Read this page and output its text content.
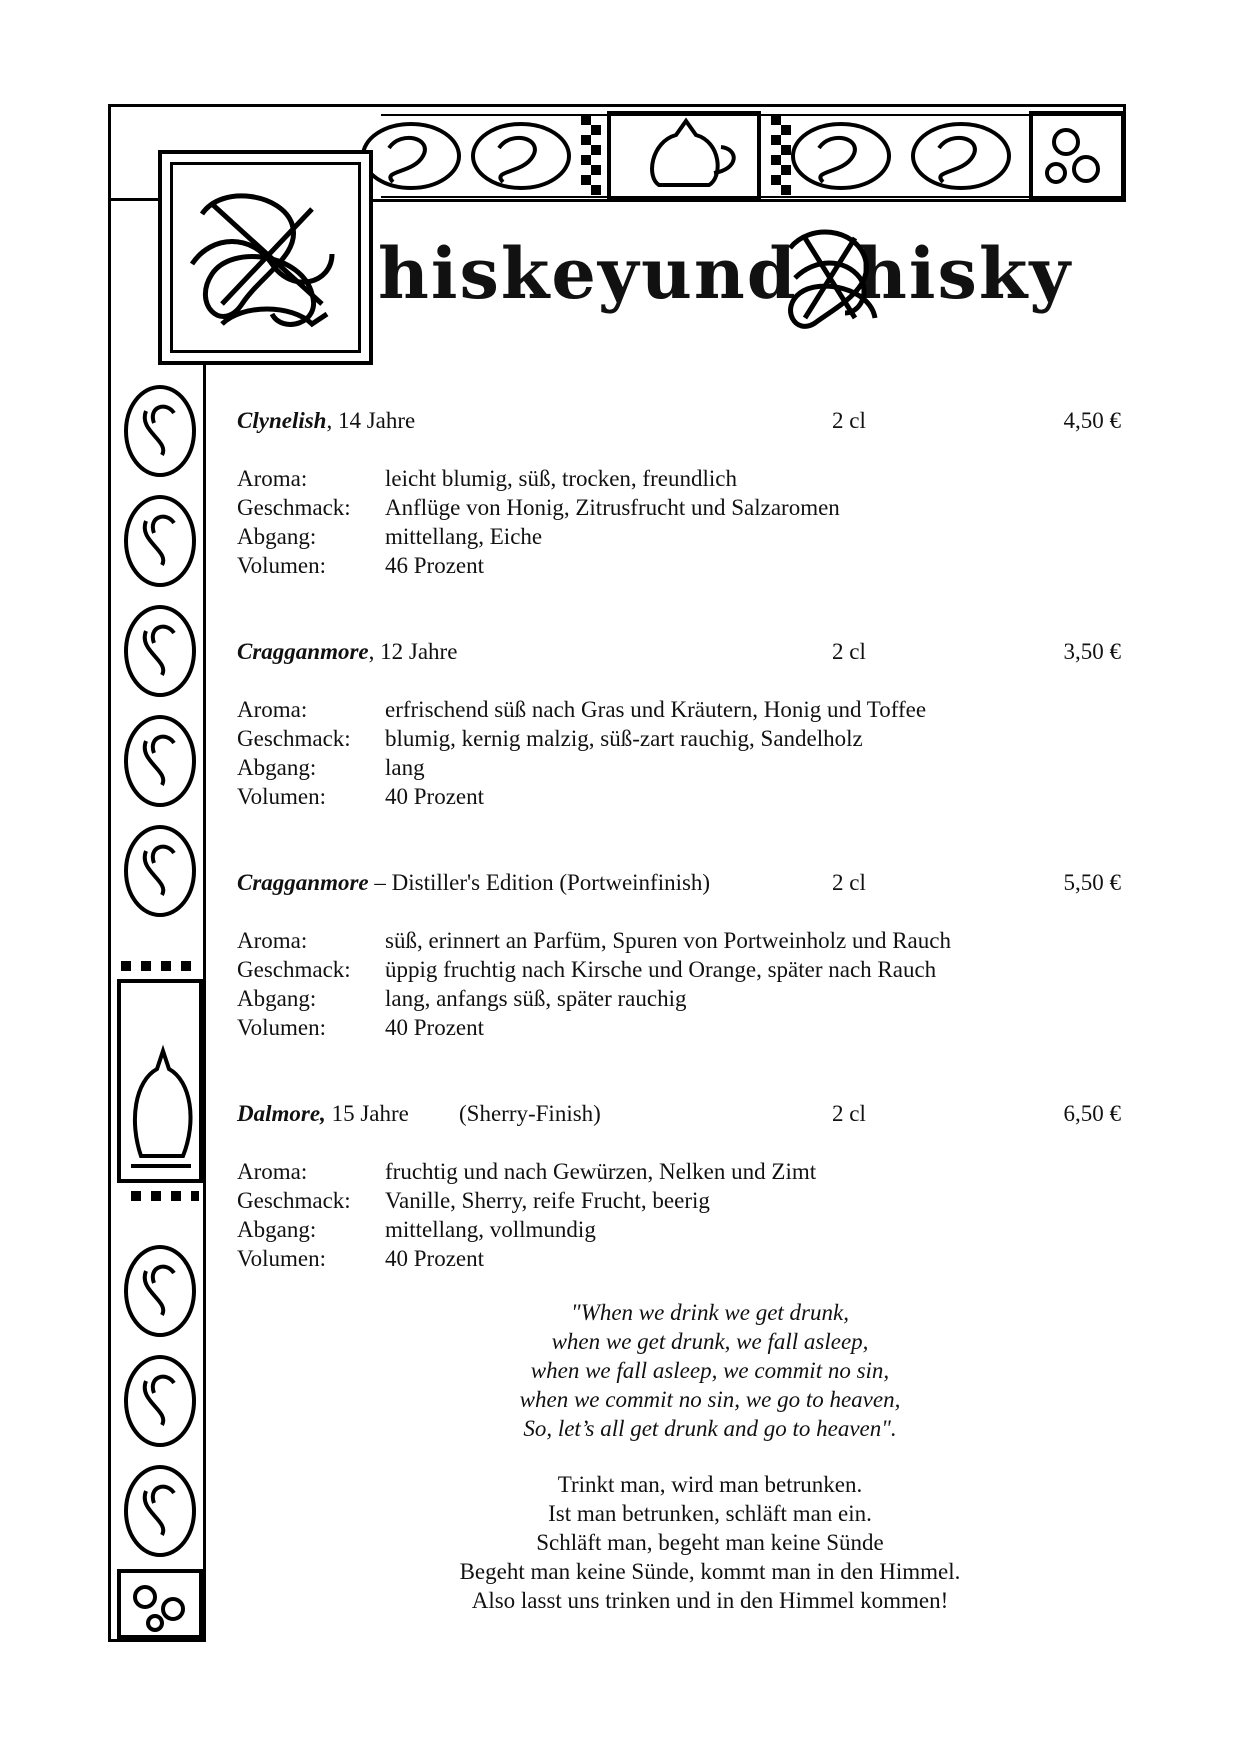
hiskey und hisky
Clynelish, 14 Jahre	2 cl	4,50 €
Aroma:	leicht blumig, süß, trocken, freundlich
Geschmack:	Anflüge von Honig, Zitrusfrucht und Salzaromen
Abgang:	mittellang, Eiche
Volumen:	46 Prozent
Cragganmore, 12 Jahre	2 cl	3,50 €
Aroma:	erfrischend süß nach Gras und Kräutern, Honig und Toffee
Geschmack:	blumig, kernig malzig, süß-zart rauchig, Sandelholz
Abgang:	lang
Volumen:	40 Prozent
Cragganmore – Distiller's Edition (Portweinfinish)	2 cl	5,50 €
Aroma:	süß, erinnert an Parfüm, Spuren von Portweinholz und Rauch
Geschmack:	üppig fruchtig nach Kirsche und Orange, später nach Rauch
Abgang:	lang, anfangs süß, später rauchig
Volumen:	40 Prozent
Dalmore, 15 Jahre (Sherry-Finish)	2 cl	6,50 €
Aroma:	fruchtig und nach Gewürzen, Nelken und Zimt
Geschmack:	Vanille, Sherry, reife Frucht, beerig
Abgang:	mittellang, vollmundig
Volumen:	40 Prozent
"When we drink we get drunk,
when we get drunk, we fall asleep,
when we fall asleep, we commit no sin,
when we commit no sin, we go to heaven,
So, let’s all get drunk and go to heaven".
Trinkt man, wird man betrunken.
Ist man betrunken, schläft man ein.
Schläft man, begeht man keine Sünde
Begeht man keine Sünde, kommt man in den Himmel.
Also lasst uns trinken und in den Himmel kommen!
